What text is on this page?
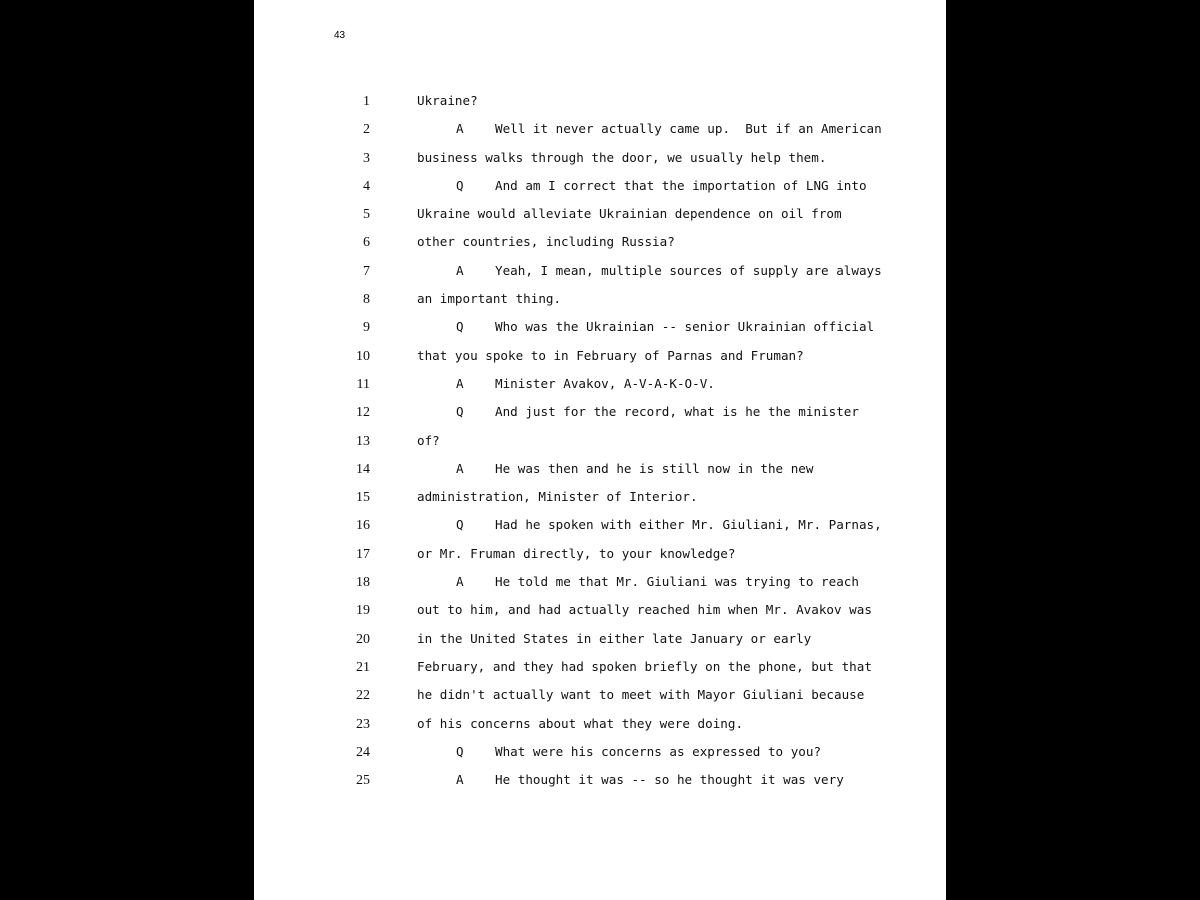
43
1	Ukraine?
2	A Well it never actually came up.  But if an American
3	business walks through the door, we usually help them.
4	Q And am I correct that the importation of LNG into
5	Ukraine would alleviate Ukrainian dependence on oil from
6	other countries, including Russia?
7	A Yeah, I mean, multiple sources of supply are always
8	an important thing.
9	Q Who was the Ukrainian -- senior Ukrainian official
10	that you spoke to in February of Parnas and Fruman?
11	A Minister Avakov, A-V-A-K-O-V.
12	Q And just for the record, what is he the minister
13	of?
14	A He was then and he is still now in the new
15	administration, Minister of Interior.
16	Q Had he spoken with either Mr. Giuliani, Mr. Parnas,
17	or Mr. Fruman directly, to your knowledge?
18	A He told me that Mr. Giuliani was trying to reach
19	out to him, and had actually reached him when Mr. Avakov was
20	in the United States in either late January or early
21	February, and they had spoken briefly on the phone, but that
22	he didn't actually want to meet with Mayor Giuliani because
23	of his concerns about what they were doing.
24	Q What were his concerns as expressed to you?
25	A He thought it was -- so he thought it was very
